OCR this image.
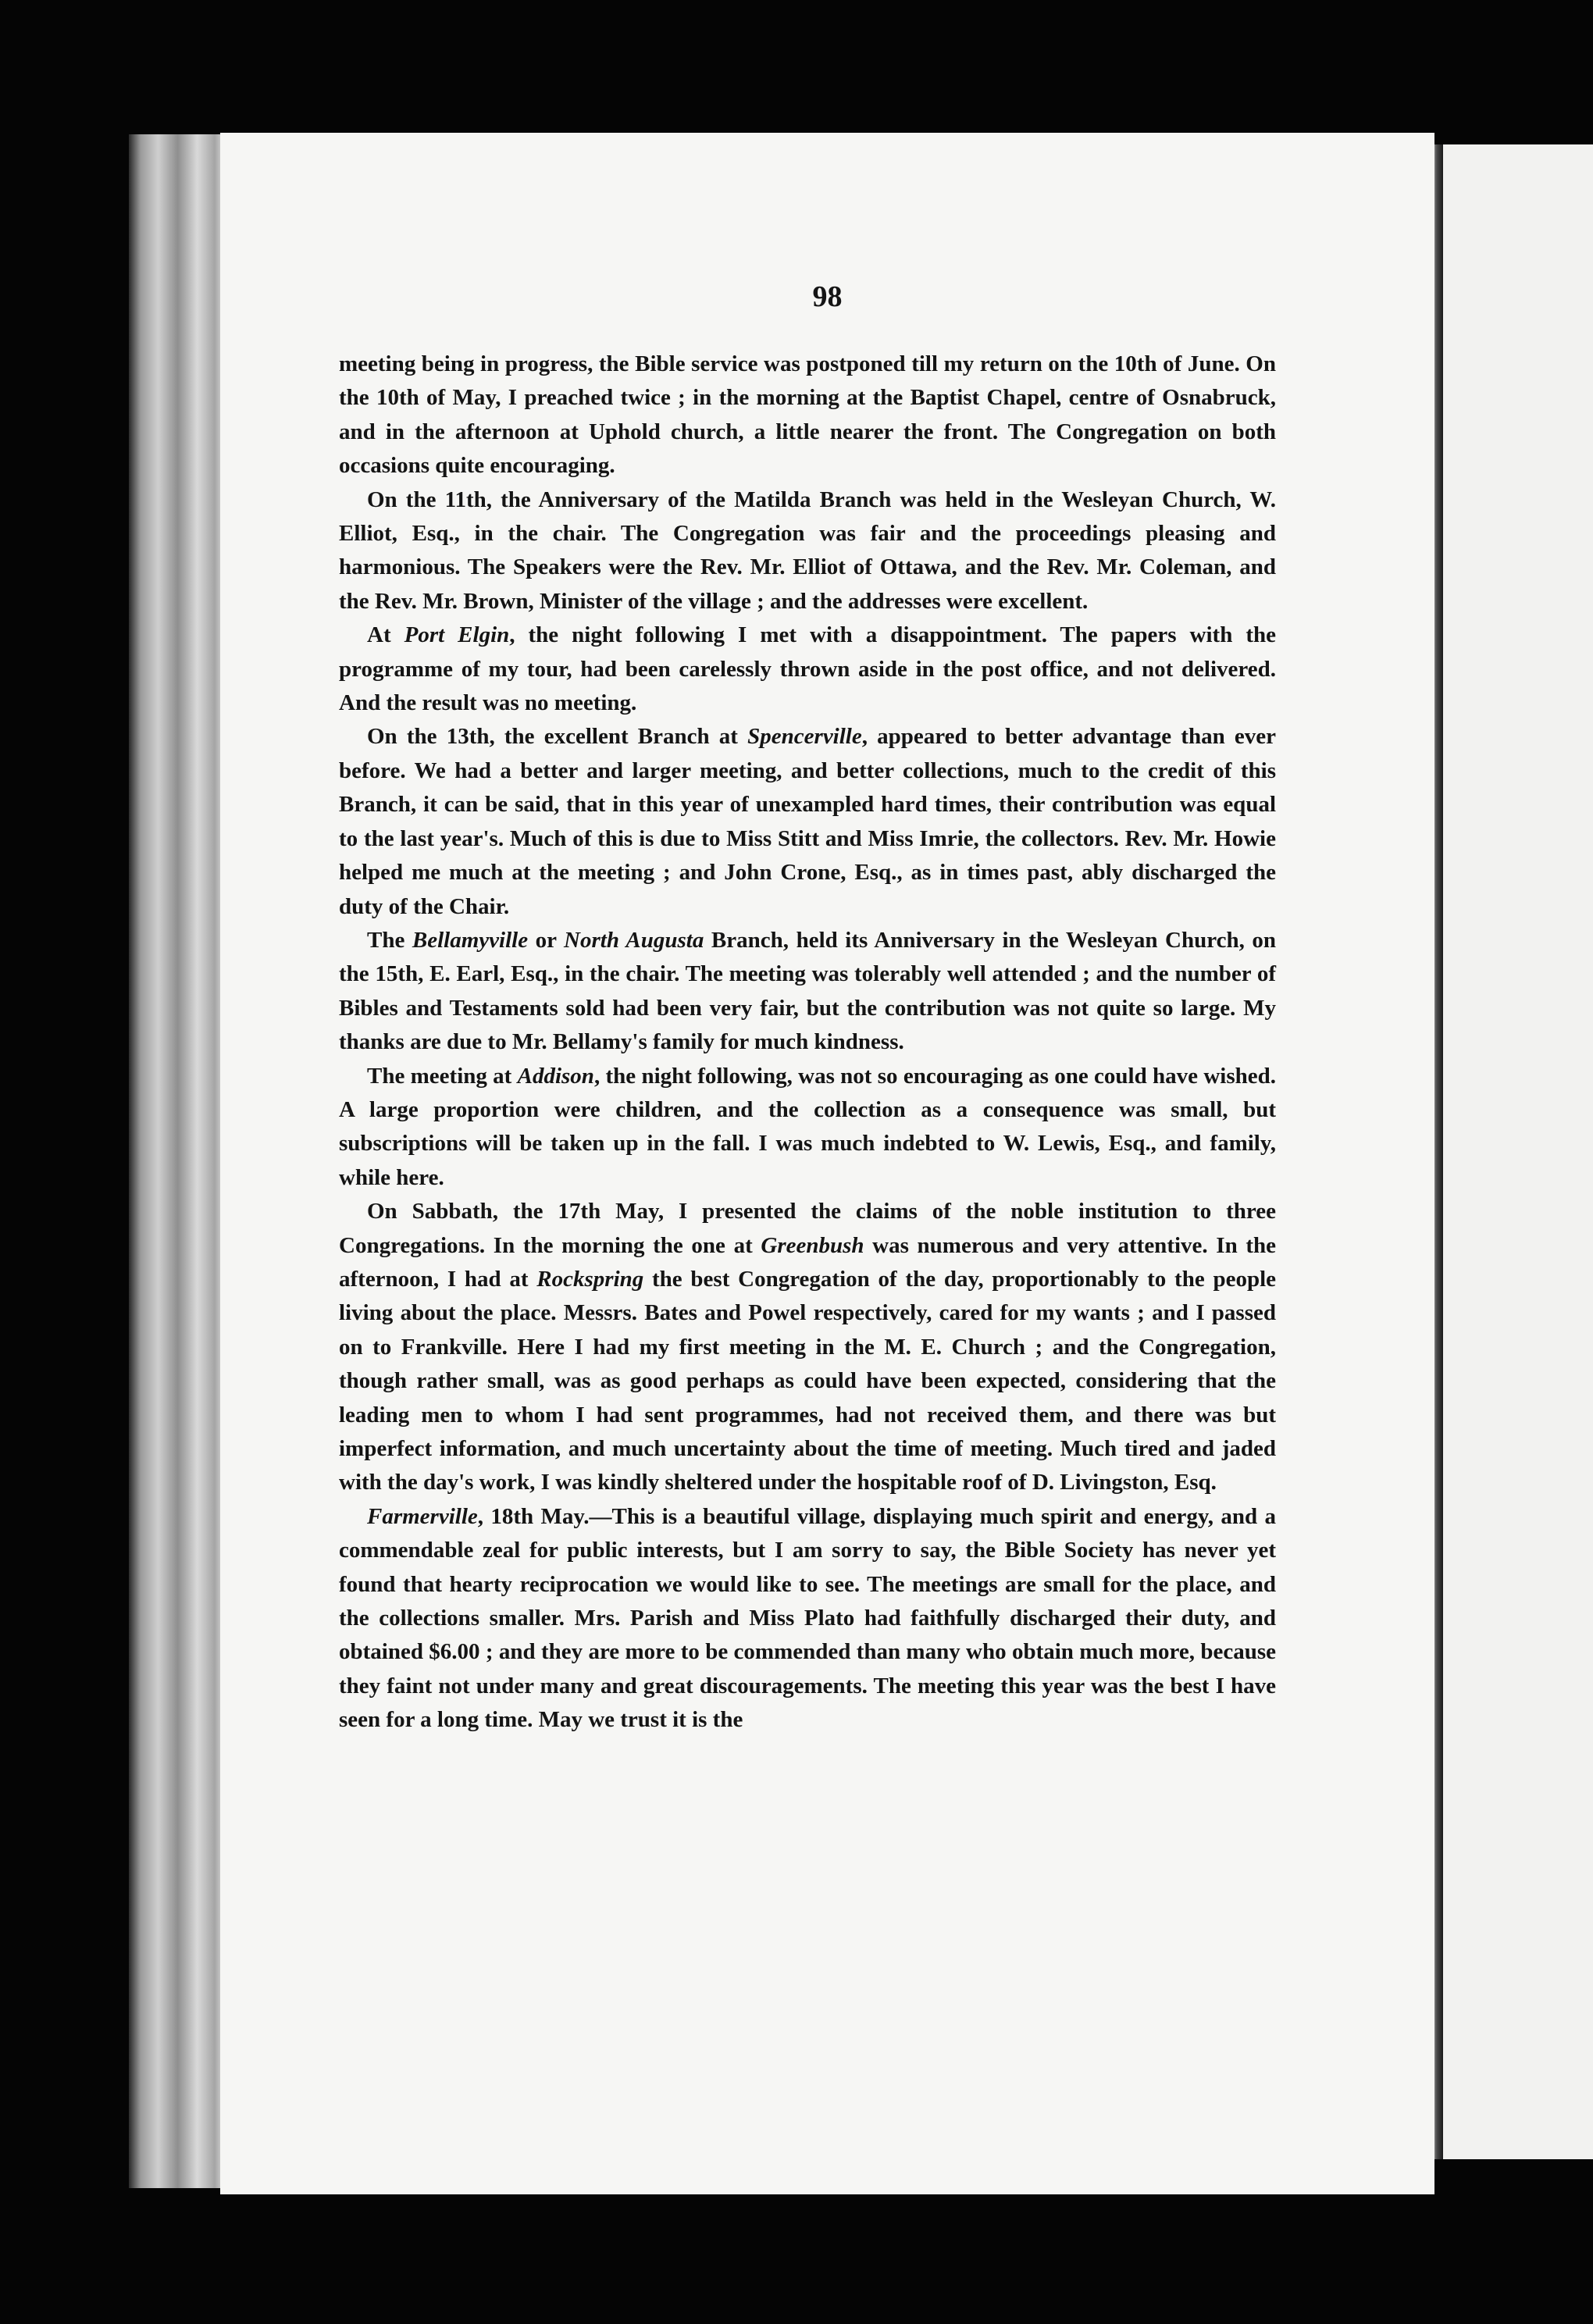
98

meeting being in progress, the Bible service was postponed till my return on the 10th of June. On the 10th of May, I preached twice ; in the morning at the Baptist Chapel, centre of Osnabruck, and in the afternoon at Uphold church, a little nearer the front. The Congregation on both occasions quite encouraging.

On the 11th, the Anniversary of the Matilda Branch was held in the Wesleyan Church, W. Elliot, Esq., in the chair. The Congregation was fair and the proceedings pleasing and harmonious. The Speakers were the Rev. Mr. Elliot of Ottawa, and the Rev. Mr. Coleman, and the Rev. Mr. Brown, Minister of the village ; and the addresses were excellent.

At Port Elgin, the night following I met with a disappointment. The papers with the programme of my tour, had been carelessly thrown aside in the post office, and not delivered. And the result was no meeting.

On the 13th, the excellent Branch at Spencerville, appeared to better advantage than ever before. We had a better and larger meeting, and better collections, much to the credit of this Branch, it can be said, that in this year of unexampled hard times, their contribution was equal to the last year's. Much of this is due to Miss Stitt and Miss Imrie, the collectors. Rev. Mr. Howie helped me much at the meeting ; and John Crone, Esq., as in times past, ably discharged the duty of the Chair.

The Bellamyville or North Augusta Branch, held its Anniversary in the Wesleyan Church, on the 15th, E. Earl, Esq., in the chair. The meeting was tolerably well attended ; and the number of Bibles and Testaments sold had been very fair, but the contribution was not quite so large. My thanks are due to Mr. Bellamy's family for much kindness.

The meeting at Addison, the night following, was not so encouraging as one could have wished. A large proportion were children, and the collection as a consequence was small, but subscriptions will be taken up in the fall. I was much indebted to W. Lewis, Esq., and family, while here.

On Sabbath, the 17th May, I presented the claims of the noble institution to three Congregations. In the morning the one at Greenbush was numerous and very attentive. In the afternoon, I had at Rockspring the best Congregation of the day, proportionably to the people living about the place. Messrs. Bates and Powel respectively, cared for my wants ; and I passed on to Frankville. Here I had my first meeting in the M. E. Church ; and the Congregation, though rather small, was as good perhaps as could have been expected, considering that the leading men to whom I had sent programmes, had not received them, and there was but imperfect information, and much uncertainty about the time of meeting. Much tired and jaded with the day's work, I was kindly sheltered under the hospitable roof of D. Livingston, Esq.

Farmerville, 18th May.—This is a beautiful village, displaying much spirit and energy, and a commendable zeal for public interests, but I am sorry to say, the Bible Society has never yet found that hearty reciprocation we would like to see. The meetings are small for the place, and the collections smaller. Mrs. Parish and Miss Plato had faithfully discharged their duty, and obtained $6.00 ; and they are more to be commended than many who obtain much more, because they faint not under many and great discouragements. The meeting this year was the best I have seen for a long time. May we trust it is the
